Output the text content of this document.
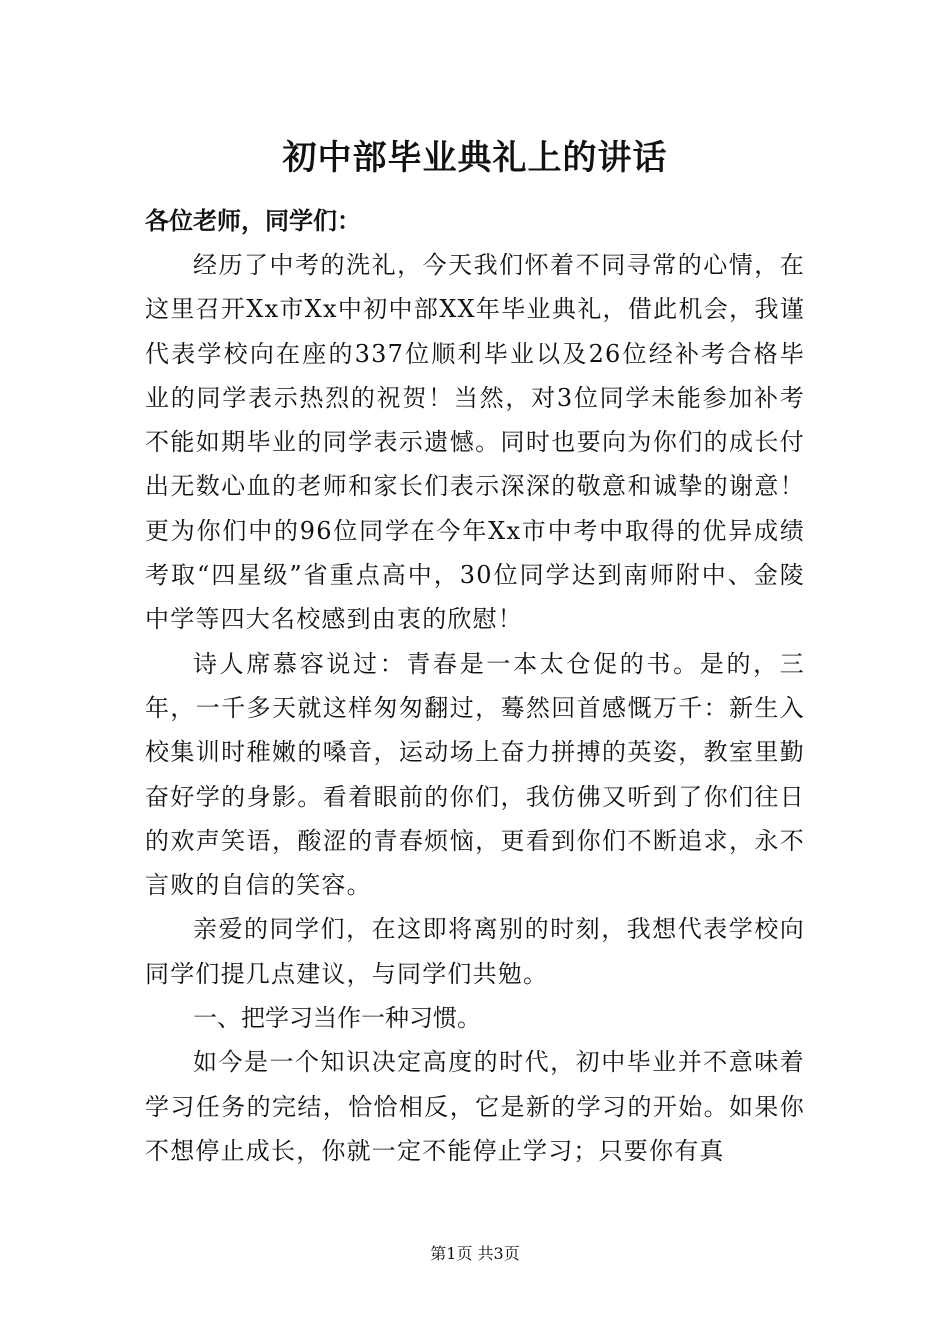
初中部毕业典礼上的讲话

各位老师，同学们：

经历了中考的洗礼，今天我们怀着不同寻常的心情，在这里召开Xx市Xx中初中部XX年毕业典礼，借此机会，我谨代表学校向在座的337位顺利毕业以及26位经补考合格毕业的同学表示热烈的祝贺！当然，对3位同学未能参加补考不能如期毕业的同学表示遗憾。同时也要向为你们的成长付出无数心血的老师和家长们表示深深的敬意和诚挚的谢意！更为你们中的96位同学在今年Xx市中考中取得的优异成绩考取“四星级”省重点高中，30位同学达到南师附中、金陵中学等四大名校感到由衷的欣慰！

诗人席慕容说过：青春是一本太仓促的书。是的，三年，一千多天就这样匆匆翻过，蓦然回首感慨万千：新生入校集训时稚嫩的嗓音，运动场上奋力拼搏的英姿，教室里勤奋好学的身影。看着眼前的你们，我仿佛又听到了你们往日的欢声笑语，酸涩的青春烦恼，更看到你们不断追求，永不言败的自信的笑容。

亲爱的同学们，在这即将离别的时刻，我想代表学校向同学们提几点建议，与同学们共勉。

一、把学习当作一种习惯。

如今是一个知识决定高度的时代，初中毕业并不意味着学习任务的完结，恰恰相反，它是新的学习的开始。如果你不想停止成长，你就一定不能停止学习；只要你有真

第1页 共3页
